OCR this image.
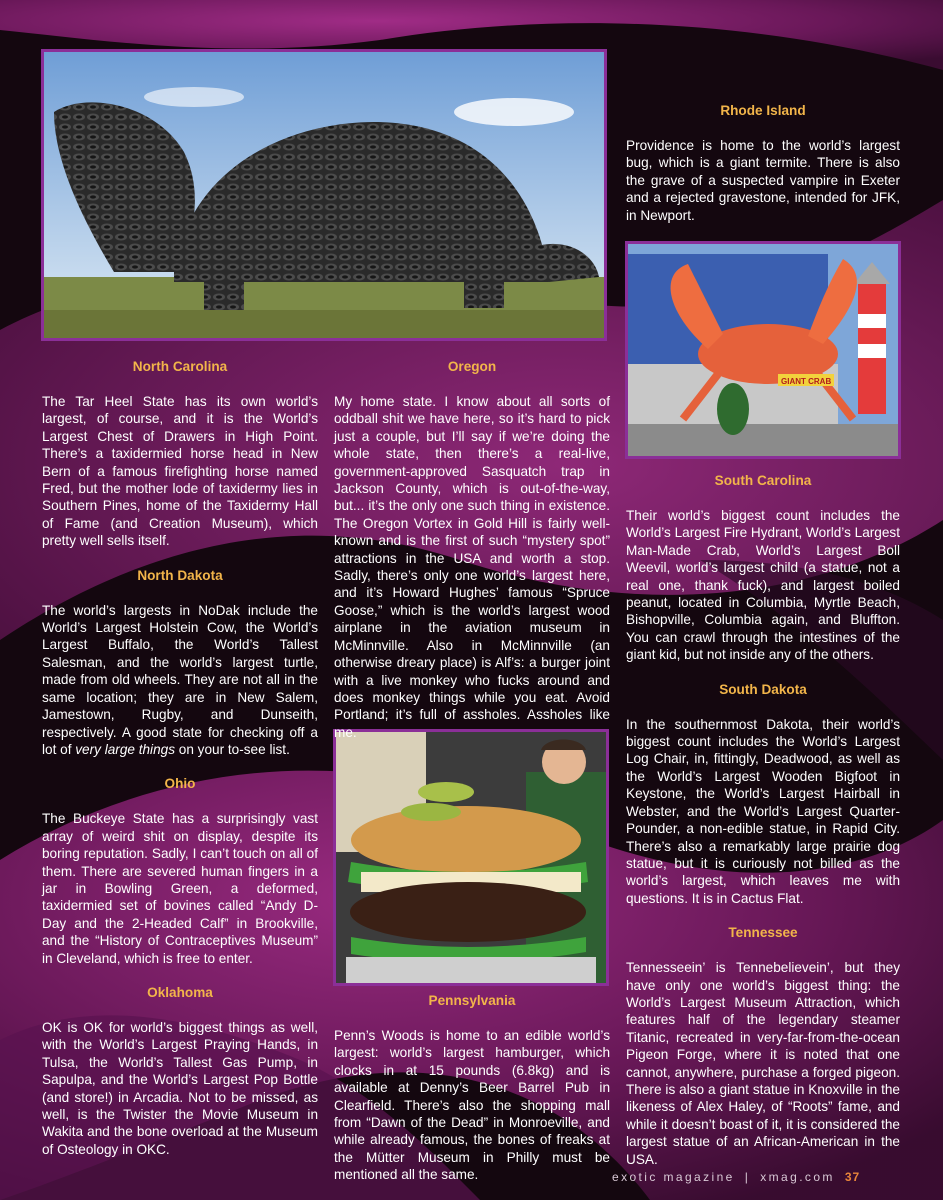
GIANT CRAB
North Carolina

The Tar Heel State has its own world’s largest, of course, and it is the World’s Largest Chest of Drawers in High Point. There’s a taxidermied horse head in New Bern of a famous firefighting horse named Fred, but the mother lode of taxidermy lies in Southern Pines, home of the Taxidermy Hall of Fame (and Creation Museum), which pretty well sells itself.

North Dakota

The world’s largests in NoDak include the World’s Largest Holstein Cow, the World’s Largest Buffalo, the World’s Tallest Salesman, and the world’s largest turtle, made from old wheels. They are not all in the same location; they are in New Salem, Jamestown, Rugby, and Dunseith, respectively. A good state for checking off a lot of very large things on your to-see list.

Ohio

The Buckeye State has a surprisingly vast array of weird shit on display, despite its boring reputation. Sadly, I can’t touch on all of them. There are severed human fingers in a jar in Bowling Green, a deformed, taxidermied set of bovines called “Andy D-Day and the 2-Headed Calf” in Brookville, and the “History of Contraceptives Museum” in Cleveland, which is free to enter.

Oklahoma

OK is OK for world’s biggest things as well, with the World’s Largest Praying Hands, in Tulsa, the World’s Tallest Gas Pump, in Sapulpa, and the World’s Largest Pop Bottle (and store!) in Arcadia. Not to be missed, as well, is the Twister the Movie Museum in Wakita and the bone overload at the Museum of Osteology in OKC.

Oregon

My home state. I know about all sorts of oddball shit we have here, so it’s hard to pick just a couple, but I’ll say if we’re doing the whole state, then there’s a real-live, government-approved Sasquatch trap in Jackson County, which is out-of-the-way, but... it’s the only one such thing in existence. The Oregon Vortex in Gold Hill is fairly well-known and is the first of such “mystery spot” attractions in the USA and worth a stop. Sadly, there’s only one world’s largest here, and it’s Howard Hughes’ famous “Spruce Goose,” which is the world’s largest wood airplane in the aviation museum in McMinnville. Also in McMinnville (an otherwise dreary place) is Alf’s: a burger joint with a live monkey who fucks around and does monkey things while you eat. Avoid Portland; it’s full of assholes. Assholes like me.

Pennsylvania

Penn’s Woods is home to an edible world’s largest: world’s largest hamburger, which clocks in at 15 pounds (6.8kg) and is available at Denny’s Beer Barrel Pub in Clearfield. There’s also the shopping mall from “Dawn of the Dead” in Monroeville, and while already famous, the bones of freaks at the Mütter Museum in Philly must be mentioned all the same.

Rhode Island

Providence is home to the world’s largest bug, which is a giant termite. There is also the grave of a suspected vampire in Exeter and a rejected gravestone, intended for JFK, in Newport.

South Carolina

Their world’s biggest count includes the World’s Largest Fire Hydrant, World’s Largest Man-Made Crab, World’s Largest Boll Weevil, world’s largest child (a statue, not a real one, thank fuck), and largest boiled peanut, located in Columbia, Myrtle Beach, Bishopville, Columbia again, and Bluffton. You can crawl through the intestines of the giant kid, but not inside any of the others.

South Dakota

In the southernmost Dakota, their world’s biggest count includes the World’s Largest Log Chair, in, fittingly, Deadwood, as well as the World’s Largest Wooden Bigfoot in Keystone, the World’s Largest Hairball in Webster, and the World’s Largest Quarter-Pounder, a non-edible statue, in Rapid City. There’s also a remarkably large prairie dog statue, but it is curiously not billed as the world’s largest, which leaves me with questions. It is in Cactus Flat.

Tennessee

Tennesseein’ is Tennebelievein’, but they have only one world’s biggest thing: the World’s Largest Museum Attraction, which features half of the legendary steamer Titanic, recreated in very-far-from-the-ocean Pigeon Forge, where it is noted that one cannot, anywhere, purchase a forged pigeon. There is also a giant statue in Knoxville in the likeness of Alex Haley, of “Roots” fame, and while it doesn’t boast of it, it is considered the largest statue of an African-American in the USA.

exotic magazine | xmag.com 37
